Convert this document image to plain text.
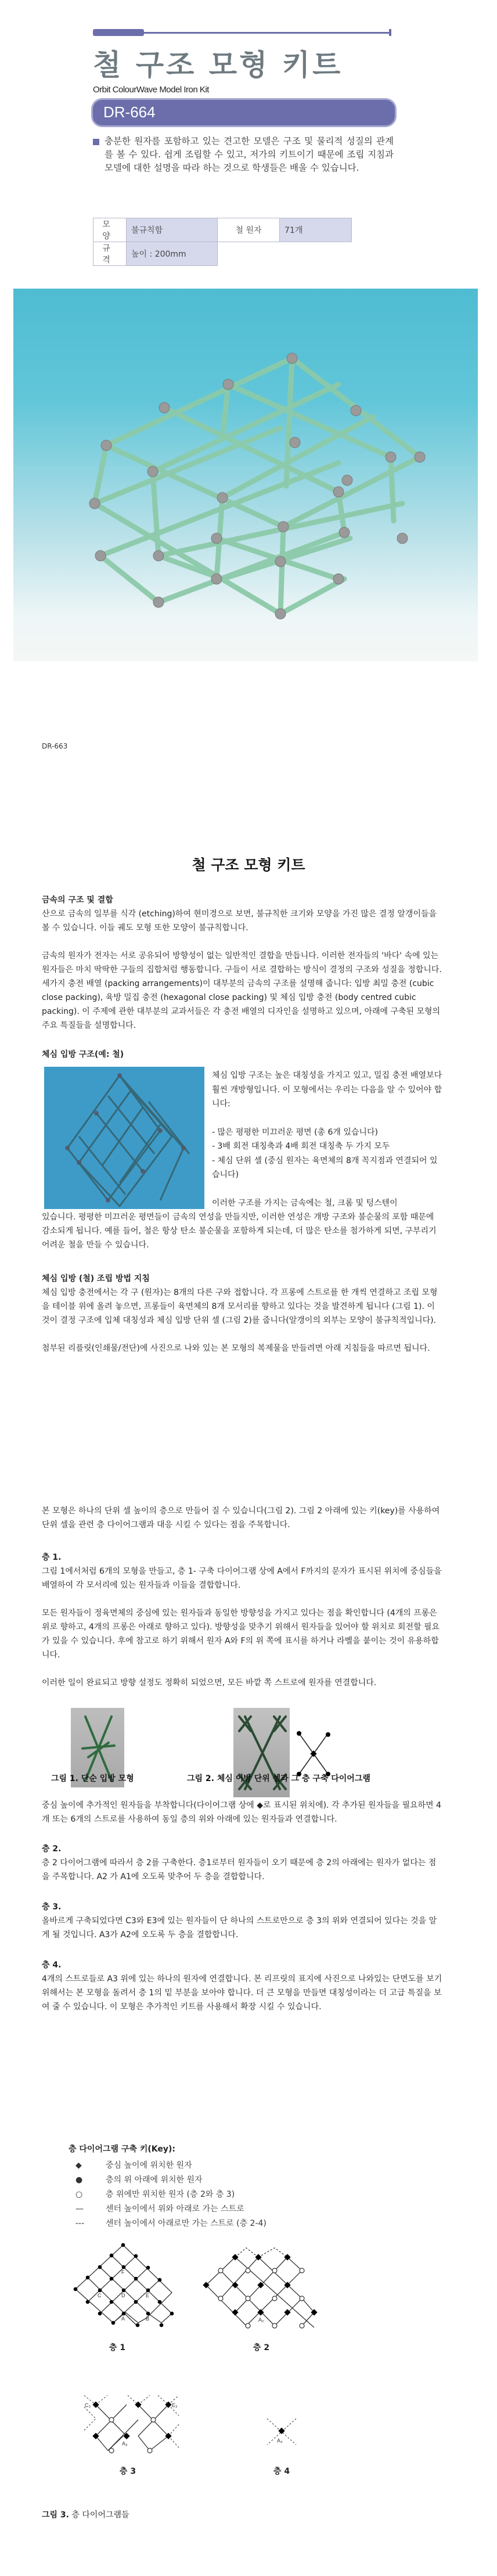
철 구조 모형 키트
Orbit ColourWave Model Iron Kit
DR-664

충분한 원자를 포함하고 있는 견고한 모델은 구조 및 물리적 성질의 관계를 볼 수 있다. 쉽게 조립할 수 있고, 저가의 키트이기 때문에 조립 지침과 모델에 대한 설명을 따라 하는 것으로 학생들은 배울 수 있습니다.

모양	불규칙함	철 원자	71개
규격	높이 : 200mm		
DR-663
철 구조 모형 키트
금속의 구조 및 결합

산으로 금속의 일부를 식각 (etching)하여 현미경으로 보면, 불규칙한 크기와 모양을 가진 많은 결정 알갱이들을 볼 수 있습니다. 이들 궤도 모형 또한 모양이 불규칙합니다.

금속의 원자가 전자는 서로 공유되어 방향성이 없는 일반적인 결합을 만듭니다. 이러한 전자들의 '바다' 속에 있는 원자들은 마치 딱딱한 구들의 집합처럼 행동합니다. 구들이 서로 결합하는 방식이 결정의 구조와 성질을 정합니다. 세가지 충전 배열 (packing arrangements)이 대부분의 금속의 구조를 설명해 줍니다: 입방 최밀 충전 (cubic close packing), 육방 밀집 충전 (hexagonal close packing) 및 체심 입방 충전 (body centred cubic packing). 이 주제에 관한 대부분의 교과서들은 각 충전 배열의 디자인을 설명하고 있으며, 아래에 구축된 모형의 주요 특질들을 설명합니다.

체심 입방 구조(예: 철)

체심 입방 구조는 높은 대칭성을 가지고 있고, 밀집 충전 배열보다 훨씬 개방형입니다. 이 모형에서는 우리는 다음을 알 수 있어야 합니다:

- 많은 평평한 미끄러운 평면 (총 6개 있습니다)

- 3배 회전 대칭축과 4배 회전 대칭축 두 가지 모두

- 체심 단위 셀 (중심 원자는 육면체의 8개 꼭지점과 연결되어 있습니다)

이러한 구조를 가지는 금속에는 철, 크롬 및 텅스텐이

있습니다. 평평한 미끄러운 평면들이 금속의 연성을 만들지만, 이러한 연성은 개방 구조와 불순물의 포함 때문에 감소되게 됩니다. 예를 들어, 철은 항상 탄소 불순물을 포함하게 되는데, 더 많은 탄소를 첨가하게 되면, 구부리기 어려운 철을 만들 수 있습니다.

체심 입방 (철) 조립 방법 지침

체심 입방 충전에서는 각 구 (원자)는 8개의 다른 구와 접합니다. 각 프롱에 스트로를 한 개씩 연결하고 조립 모형을 테이블 위에 올려 놓으면, 프롱들이 육면체의 8개 모서리를 향하고 있다는 것을 발견하게 됩니다 (그림 1). 이것이 결정 구조에 입체 대칭성과 체심 입방 단위 셀 (그림 2)를 줍니다(알갱이의 외부는 모양이 불규칙적입니다).

첨부된 리플릿(인쇄물/전단)에 사진으로 나와 있는 본 모형의 복제물을 만들려면 아래 지침들을 따르면 됩니다.

본 모형은 하나의 단위 셀 높이의 층으로 만들어 질 수 있습니다(그림 2). 그림 2 아래에 있는 키(key)를 사용하여 단위 셀을 관련 층 다이어그램과 대응 시킬 수 있다는 점을 주목합니다.

층 1.

그림 1에서처럼 6개의 모형을 만들고, 층 1- 구축 다이어그램 상에 A에서 F까지의 문자가 표시된 위치에 중심들을 배열하여 각 모서리에 있는 원자들과 이들을 결합합니다.

모든 원자들이 정육면체의 중심에 있는 원자들과 동일한 방향성을 가지고 있다는 점을 확인합니다 (4개의 프롱은 위로 향하고, 4개의 프롱은 아래로 향하고 있다). 방향성을 맞추기 위해서 원자들을 있어야 할 위치로 회전할 필요가 있을 수 있습니다. 후에 참고로 하기 위해서 원자 A와 F의 위 쪽에 표시를 하거나 라벨을 붙이는 것이 유용하합니다.

이러한 일이 완료되고 방향 설정도 정확히 되었으면, 모든 바깥 쪽 스트로에 원자를 연결합니다.

그림 1. 단순 입방 모형	그림 2. 체심 이방 단위 셀과 그 층 구축 다이어그램

중심 높이에 추가적인 원자들을 부착합니다(다이어그램 상에 ◆로 표시된 위치에). 각 추가된 원자들을 필요하면 4개 또는 6개의 스트로를 사용하여 동일 층의 위와 아래에 있는 원자들과 연결합니다.

층 2.

층 2 다이어그램에 따라서 층 2를 구축한다. 층1로부터 원자들이 오기 때문에 층 2의 아래에는 원자가 없다는 점을 주목합니다. A2 가 A1에 오도록 맞추어 두 층을 결합합니다.

층 3.

올바르게 구축되었다면 C3와 E3에 있는 원자들이 단 하나의 스트로만으로 층 3의 위와 연결되어 있다는 것을 알게 될 것입니다. A3가 A2에 오도록 두 층을 결합합니다.

층 4.

4개의 스트로들로 A3 위에 있는 하나의 원자에 연결합니다. 본 리프릿의 표지에 사진으로 나와있는 단면도를 보기 위해서는 본 모형을 돌려서 층 1의 밑 부분을 보아야 합니다. 더 큰 모형을 만들면 대칭성이라는 더 고급 특질을 보여 줄 수 있습니다. 이 모형은 추가적인 키트를 사용해서 확장 시킬 수 있습니다.

층 다이어그램 구축 키(Key):
◆	중심 높이에 위치한 원자
●	층의 위 아래에 위치한 원자
○	층 위에만 위치한 원자 (층 2와 층 3)
—	센터 높이에서 위와 아래로 가는 스트로
---	센터 높이에서 아래로만 가는 스트로 (층 2-4)
F
C	D	E
A	B
층 1
A₂
층 2
C₃	E₃
A₃
층 3
A₄
층 4
그림 3. 층 다이어그램들
